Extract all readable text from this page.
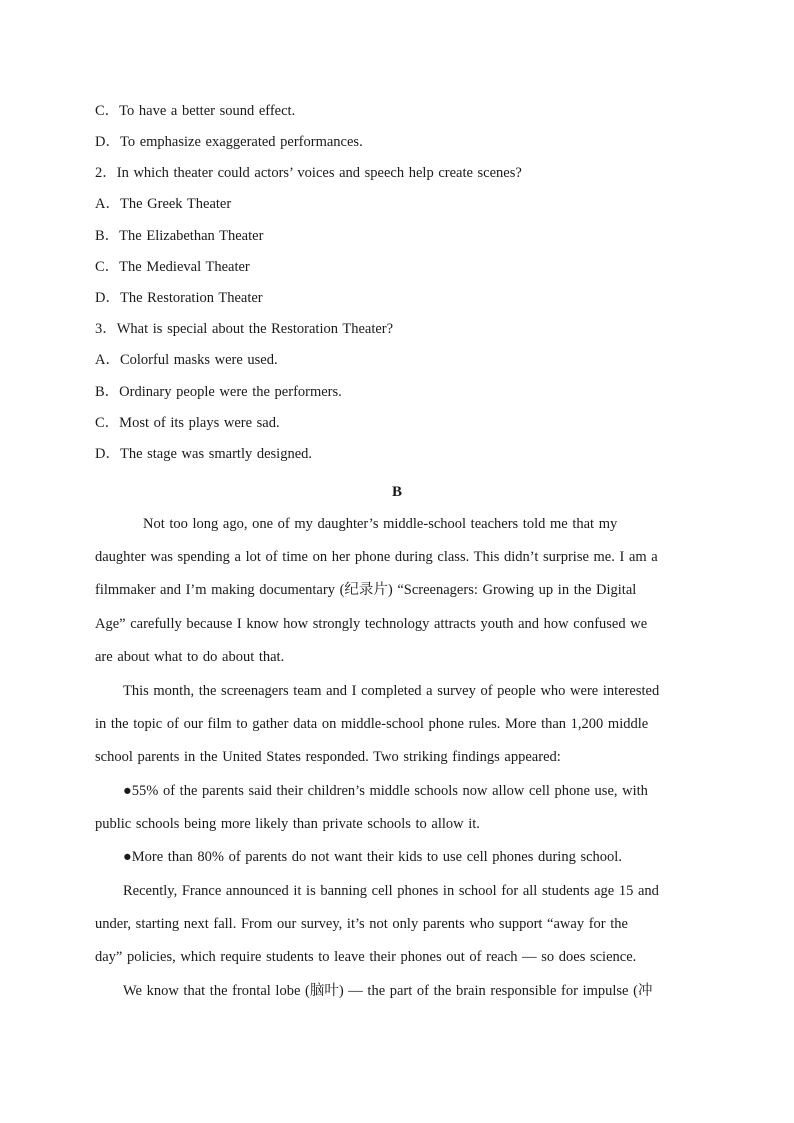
C．To have a better sound effect.
D．To emphasize exaggerated performances.
2．In which theater could actors’ voices and speech help create scenes?
A．The Greek Theater
B．The Elizabethan Theater
C．The Medieval Theater
D．The Restoration Theater
3．What is special about the Restoration Theater?
A．Colorful masks were used.
B．Ordinary people were the performers.
C．Most of its plays were sad.
D．The stage was smartly designed.
B
Not too long ago, one of my daughter’s middle-school teachers told me that my
daughter was spending a lot of time on her phone during class. This didn’t surprise me. I am a
filmmaker and I’m making documentary (纪录片) “Screenagers: Growing up in the Digital
Age” carefully because I know how strongly technology attracts youth and how confused we
are about what to do about that.
This month, the screenagers team and I completed a survey of people who were interested
in the topic of our film to gather data on middle-school phone rules. More than 1,200 middle
school parents in the United States responded. Two striking findings appeared:
●55% of the parents said their children’s middle schools now allow cell phone use, with
public schools being more likely than private schools to allow it.
●More than 80% of parents do not want their kids to use cell phones during school.
Recently, France announced it is banning cell phones in school for all students age 15 and
under, starting next fall. From our survey, it’s not only parents who support “away for the
day” policies, which require students to leave their phones out of reach — so does science.
We know that the frontal lobe (脑叶) — the part of the brain responsible for impulse (冲
